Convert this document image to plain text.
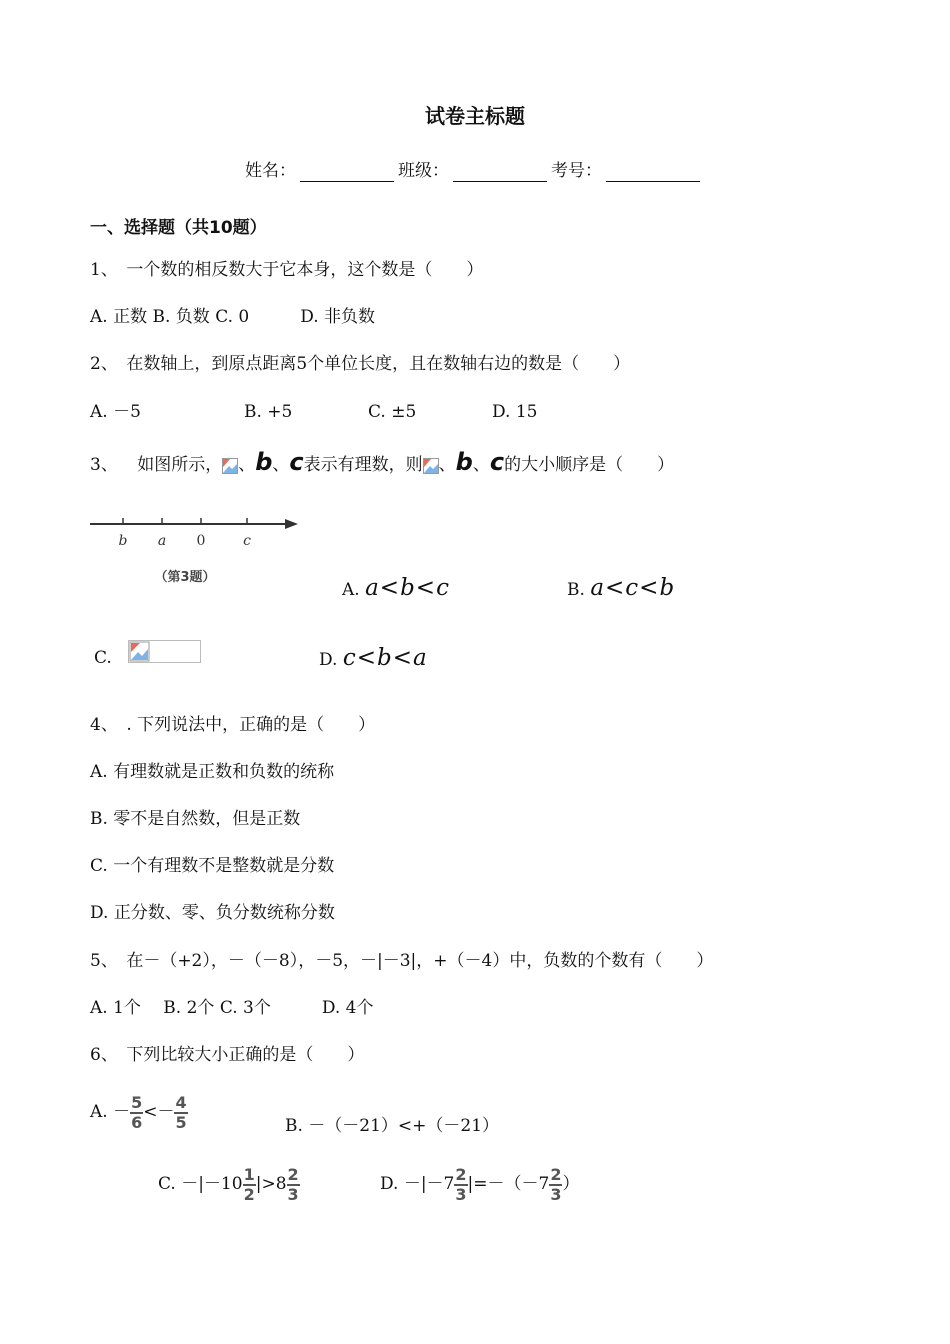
试卷主标题
姓名：	班级：	考号：
一、选择题（共10题）
1、　一个数的相反数大于它本身，这个数是（　　）
A. 正数 B. 负数 C. 0　　　D. 非负数
2、　在数轴上，到原点距离5个单位长度，且在数轴右边的数是（　　）
A. －5	B. +5	C. ±5	D. 15
3、 如图所示， 、b、c表示有理数，则 、b、c的大小顺序是（　　）
b a 0	c
（第3题）
A. a<b<c	B. a<c<b
C.	D. c<b<a
4、　. 下列说法中，正确的是（　　）
A. 有理数就是正数和负数的统称
B. 零不是自然数，但是正数
C. 一个有理数不是整数就是分数
D. 正分数、零、负分数统称分数
5、　在－（+2），－（－8），－5，－|－3|，+（－4）中，负数的个数有（　　）
A. 1个　 B. 2个 C. 3个　　　D. 4个
6、　下列比较大小正确的是（　　）
A. － $\frac{5}{6} <- \frac{4}{5}$	B. －（－21）<+（－21）
C. $-|-10 \frac{1}{2} |>8 \frac{2}{3}$	D. $-|-7 \frac{2}{3} |=-(-7 \frac{2}{3}$ ）
